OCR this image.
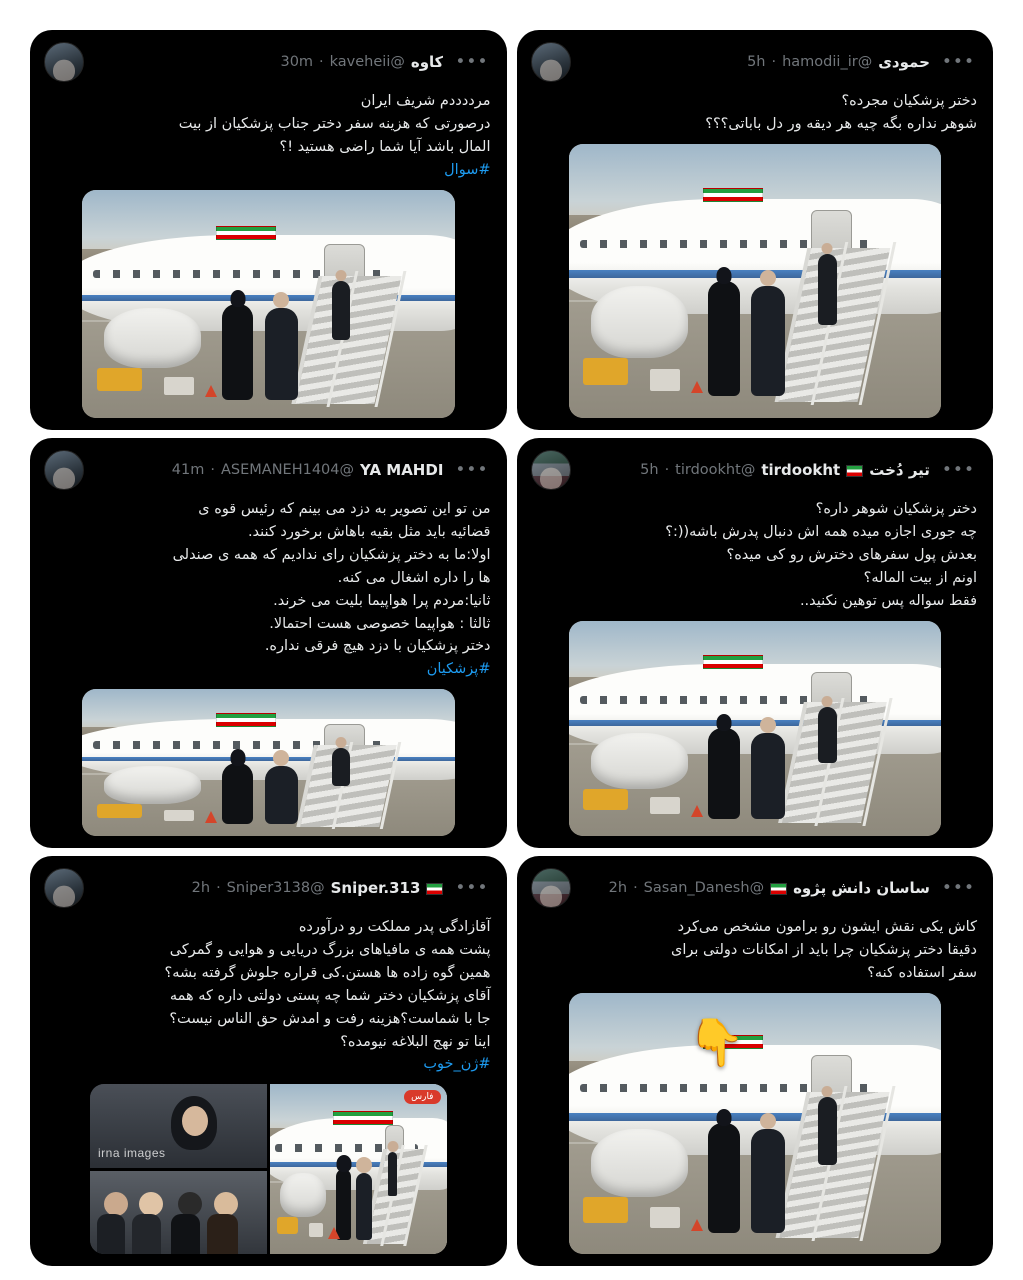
حمودی
@hamodii_ir
·
5h	•••
دختر پزشکیان مجرده؟
شوهر نداره بگه چیه هر دیقه ور دل باباتی؟؟؟
کاوه
@kaveheii
·
30m	•••
مرددددم شریف ایران
درصورتی که هزینه سفر دختر جناب پزشکیان از بیت
المال باشد آیا شما راضی هستید !؟
#سوال
تیر دُخت
tirdookht
@tirdookht
·
5h	•••
دختر پزشکیان شوهر داره؟
چه جوری اجازه میده همه اش دنبال پدرش باشه((:؟
بعدش پول سفرهای دخترش رو کی میده؟
اونم از بیت الماله؟
فقط سواله پس توهین نکنید..
YA MAHDI
@ASEMANEH1404
·
41m	•••
من تو این تصویر به دزد می بینم که رئیس قوه ی
قضائیه باید مثل بقیه باهاش برخورد کنند.
اولا:ما به دختر پزشکیان رای ندادیم که همه ی صندلی
ها را داره اشغال می کنه.
ثانیا:مردم پرا هواپیما بلیت می خرند.
ثالثا : هواپیما خصوصی هست احتمالا.
دختر پزشکیان با دزد هیچ فرقی نداره.
#پزشکیان
ساسان دانش پژوه
@Sasan_Danesh
·
2h	•••
کاش یکی نقش ایشون رو برامون مشخص می‌کرد
دقیقا دختر پزشکیان چرا باید از امکانات دولتی برای
سفر استفاده کنه؟
👇
Sniper.313
@Sniper3138
·
2h	•••
آقازادگی پدر مملکت رو درآورده
پشت همه ی مافیاهای بزرگ دریایی و هوایی و گمرکی
همین گوه زاده ها هستن.کی قراره جلوش گرفته بشه؟
آقای پزشکیان دختر شما چه پستی دولتی داره که همه
جا با شماست؟هزینه رفت و امدش حق الناس نیست؟
اینا تو نهج البلاغه نیومده؟
#ژن_خوب
فارس
irna images
